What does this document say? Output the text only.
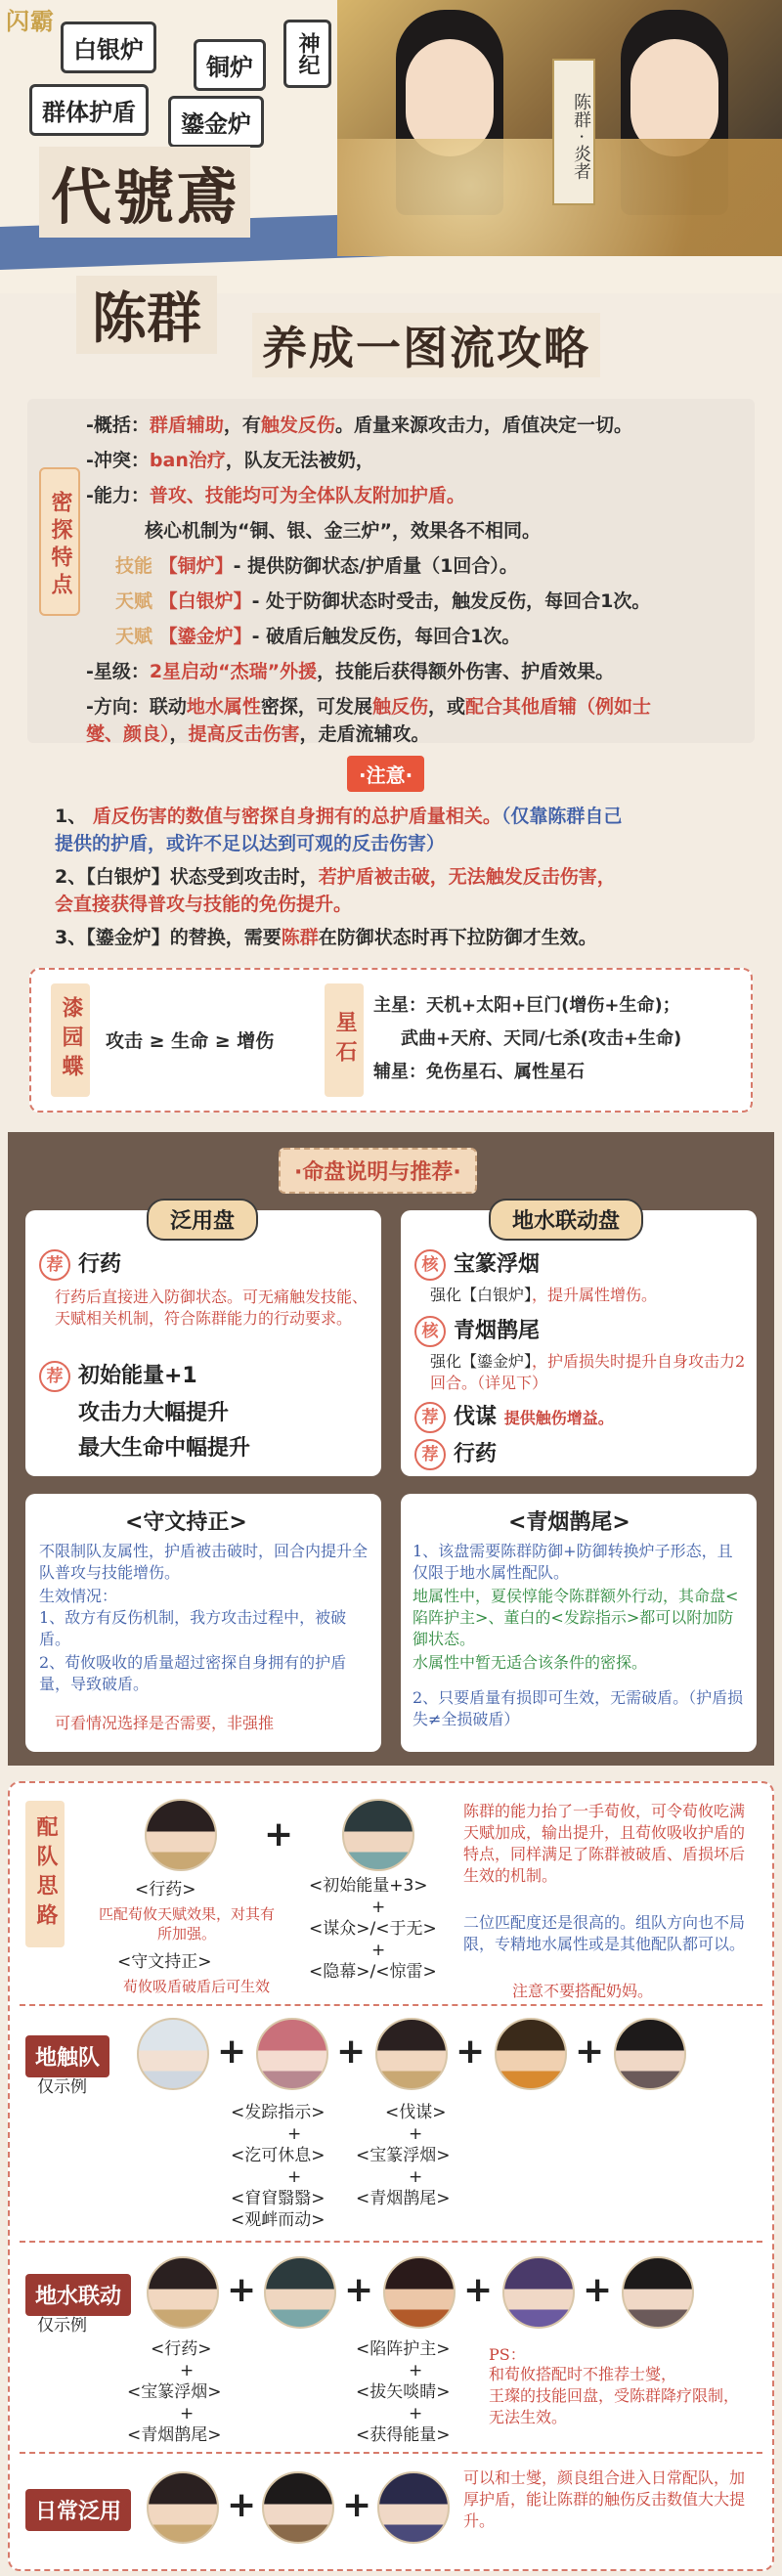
闪霸
白银炉
铜炉
群体护盾	鎏金炉
神纪
陈群 · 炎者
代號鳶
陈群	养成一图流攻略
密探特点
-概括：群盾辅助，有触发反伤。盾量来源攻击力，盾值决定一切。
-冲突：ban治疗，队友无法被奶，
-能力：普攻、技能均可为全体队友附加护盾。
核心机制为“铜、银、金三炉”，效果各不相同。
技能 【铜炉】- 提供防御状态/护盾量（1回合）。
天赋 【白银炉】- 处于防御状态时受击，触发反伤，每回合1次。
天赋 【鎏金炉】- 破盾后触发反伤，每回合1次。
-星级：2星启动“杰瑞”外援，技能后获得额外伤害、护盾效果。
-方向：联动地水属性密探，可发展触反伤，或配合其他盾辅（例如士
燮、颜良），提高反击伤害，走盾流辅攻。
·注意·
1、 盾反伤害的数值与密探自身拥有的总护盾量相关。（仅靠陈群自己
提供的护盾，或许不足以达到可观的反击伤害）
2、【白银炉】状态受到攻击时，若护盾被击破，无法触发反击伤害，
会直接获得普攻与技能的免伤提升。
3、【鎏金炉】的替换，需要陈群在防御状态时再下拉防御才生效。
漆园蝶	攻击 ≥ 生命 ≥ 增伤	星石
主星：天机+太阳+巨门(增伤+生命)；
武曲+天府、天同/七杀(攻击+生命)
辅星：免伤星石、属性星石
·命盘说明与推荐·
泛用盘	地水联动盘
荐 行药
行药后直接进入防御状态。可无痛触发技能、天赋相关机制，符合陈群能力的行动要求。
荐 初始能量+1
攻击力大幅提升
最大生命中幅提升
核 宝篆浮烟
强化【白银炉】，提升属性增伤。
核 青烟鹊尾
强化【鎏金炉】，护盾损失时提升自身攻击力2回合。（详见下）
荐 伐谋 提供触伤增益。
荐 行药
<守文持正>
不限制队友属性，护盾被击破时，回合内提升全队普攻与技能增伤。
生效情况：
1、敌方有反伤机制，我方攻击过程中，被破盾。
2、荀攸吸收的盾量超过密探自身拥有的护盾量，导致破盾。
可看情况选择是否需要，非强推
<青烟鹊尾>
1、该盘需要陈群防御+防御转换炉子形态，且仅限于地水属性配队。
地属性中，夏侯惇能令陈群额外行动，其命盘<陷阵护主>、董白的<发踪指示>都可以附加防御状态。
水属性中暂无适合该条件的密探。
2、只要盾量有损即可生效，无需破盾。（护盾损失≠全损破盾）
配队思路	+
<行药>	<初始能量+3>
+
<谋众>/<于无>
+
<隐幕>/<惊雷>
匹配荀攸天赋效果，对其有所加强。
<守文持正>
荀攸吸盾破盾后可生效
陈群的能力抬了一手荀攸，可令荀攸吃满天赋加成，输出提升，且荀攸吸收护盾的特点，同样满足了陈群被破盾、盾损坏后生效的机制。
二位匹配度还是很高的。组队方向也不局限，专精地水属性或是其他配队都可以。
注意不要搭配奶妈。
地触队
仅示例
+	+	+	+
<发踪指示>
+
<汔可休息>
+
<窅窅翳翳>
<观衅而动>
<伐谋>
+
<宝篆浮烟>
+
<青烟鹊尾>
地水联动
仅示例
+ +	+	+
<行药>
+
<宝篆浮烟>
+
<青烟鹊尾>
<陷阵护主>
+
<拔矢啖睛>
+
<获得能量>
PS：
和荀攸搭配时不推荐士燮，
王璨的技能回盘，受陈群降疗限制，无法生效。
日常泛用	+ +
可以和士燮，颜良组合进入日常配队，加厚护盾，能让陈群的触伤反击数值大大提升。
